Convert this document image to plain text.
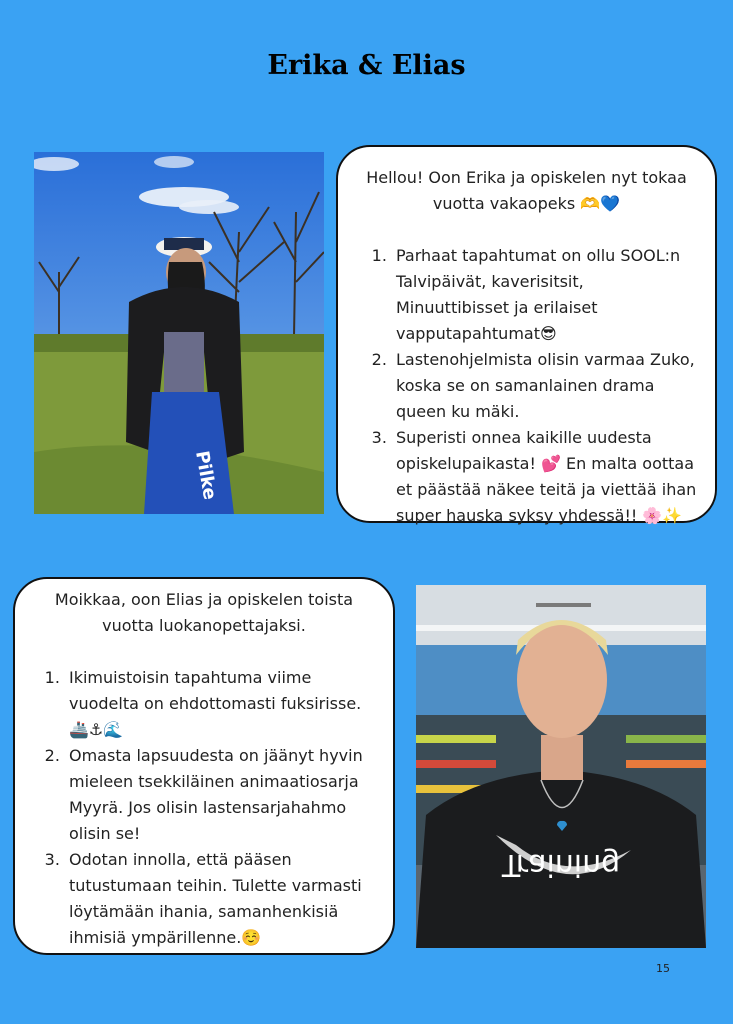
Erika & Elias
Pilke

Hellou! Oon Erika ja opiskelen nyt tokaa vuotta vakaopeks 🫶💙

1. Parhaat tapahtumat on ollu SOOL:n Talvipäivät, kaverisitsit, Minuuttibisset ja erilaiset vapputapahtumat😎
2. Lastenohjelmista olisin varmaa Zuko, koska se on samanlainen drama queen ku mäki.
3. Superisti onnea kaikille uudesta opiskelupaikasta! 💕 En malta oottaa et päästää näkee teitä ja viettää ihan super hauska syksy yhdessä!! 🌸✨

Moikkaa, oon Elias ja opiskelen toista vuotta luokanopettajaksi.

1. Ikimuistoisin tapahtuma viime vuodelta on ehdottomasti fuksirisse. 🚢⚓🌊
2. Omasta lapsuudesta on jäänyt hyvin mieleen tsekkiläinen animaatiosarja Myyrä. Jos olisin lastensarjahahmo olisin se!
3. Odotan innolla, että pääsen tutustumaan teihin. Tulette varmasti löytämään ihania, samanhenkisiä ihmisiä ympärillenne.☺️
Training
15
